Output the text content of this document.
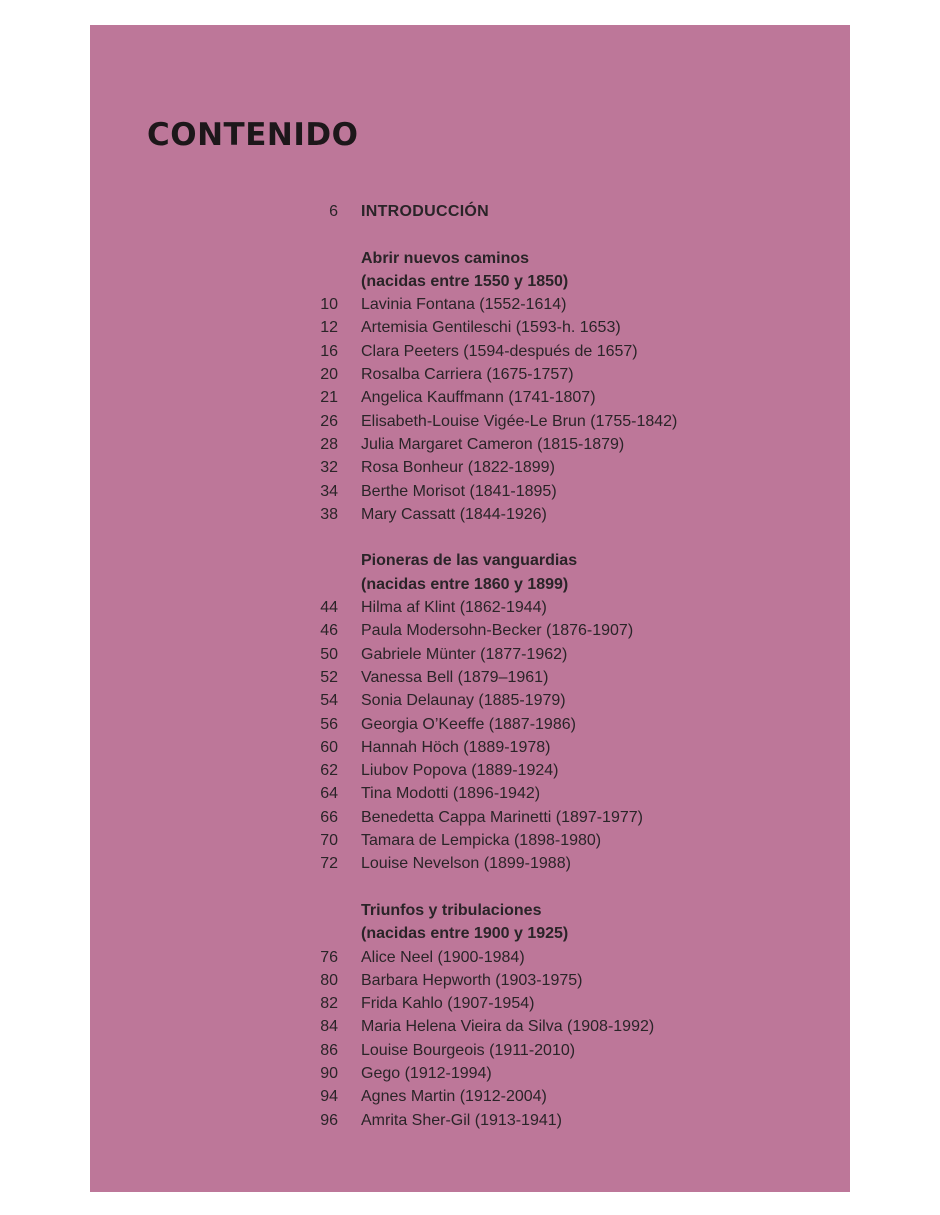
CONTENIDO
6 INTRODUCCIÓN
Abrir nuevos caminos
(nacidas entre 1550 y 1850)
10 Lavinia Fontana (1552-1614)
12 Artemisia Gentileschi (1593-h. 1653)
16 Clara Peeters (1594-después de 1657)
20 Rosalba Carriera (1675-1757)
21 Angelica Kauffmann (1741-1807)
26 Elisabeth-Louise Vigée-Le Brun (1755-1842)
28 Julia Margaret Cameron (1815-1879)
32 Rosa Bonheur (1822-1899)
34 Berthe Morisot (1841-1895)
38 Mary Cassatt (1844-1926)
Pioneras de las vanguardias
(nacidas entre 1860 y 1899)
44 Hilma af Klint (1862-1944)
46 Paula Modersohn-Becker (1876-1907)
50 Gabriele Münter (1877-1962)
52 Vanessa Bell (1879–1961)
54 Sonia Delaunay (1885-1979)
56 Georgia O’Keeffe (1887-1986)
60 Hannah Höch (1889-1978)
62 Liubov Popova (1889-1924)
64 Tina Modotti (1896-1942)
66 Benedetta Cappa Marinetti (1897-1977)
70 Tamara de Lempicka (1898-1980)
72 Louise Nevelson (1899-1988)
Triunfos y tribulaciones
(nacidas entre 1900 y 1925)
76 Alice Neel (1900-1984)
80 Barbara Hepworth (1903-1975)
82 Frida Kahlo (1907-1954)
84 Maria Helena Vieira da Silva (1908-1992)
86 Louise Bourgeois (1911-2010)
90 Gego (1912-1994)
94 Agnes Martin (1912-2004)
96 Amrita Sher-Gil (1913-1941)
